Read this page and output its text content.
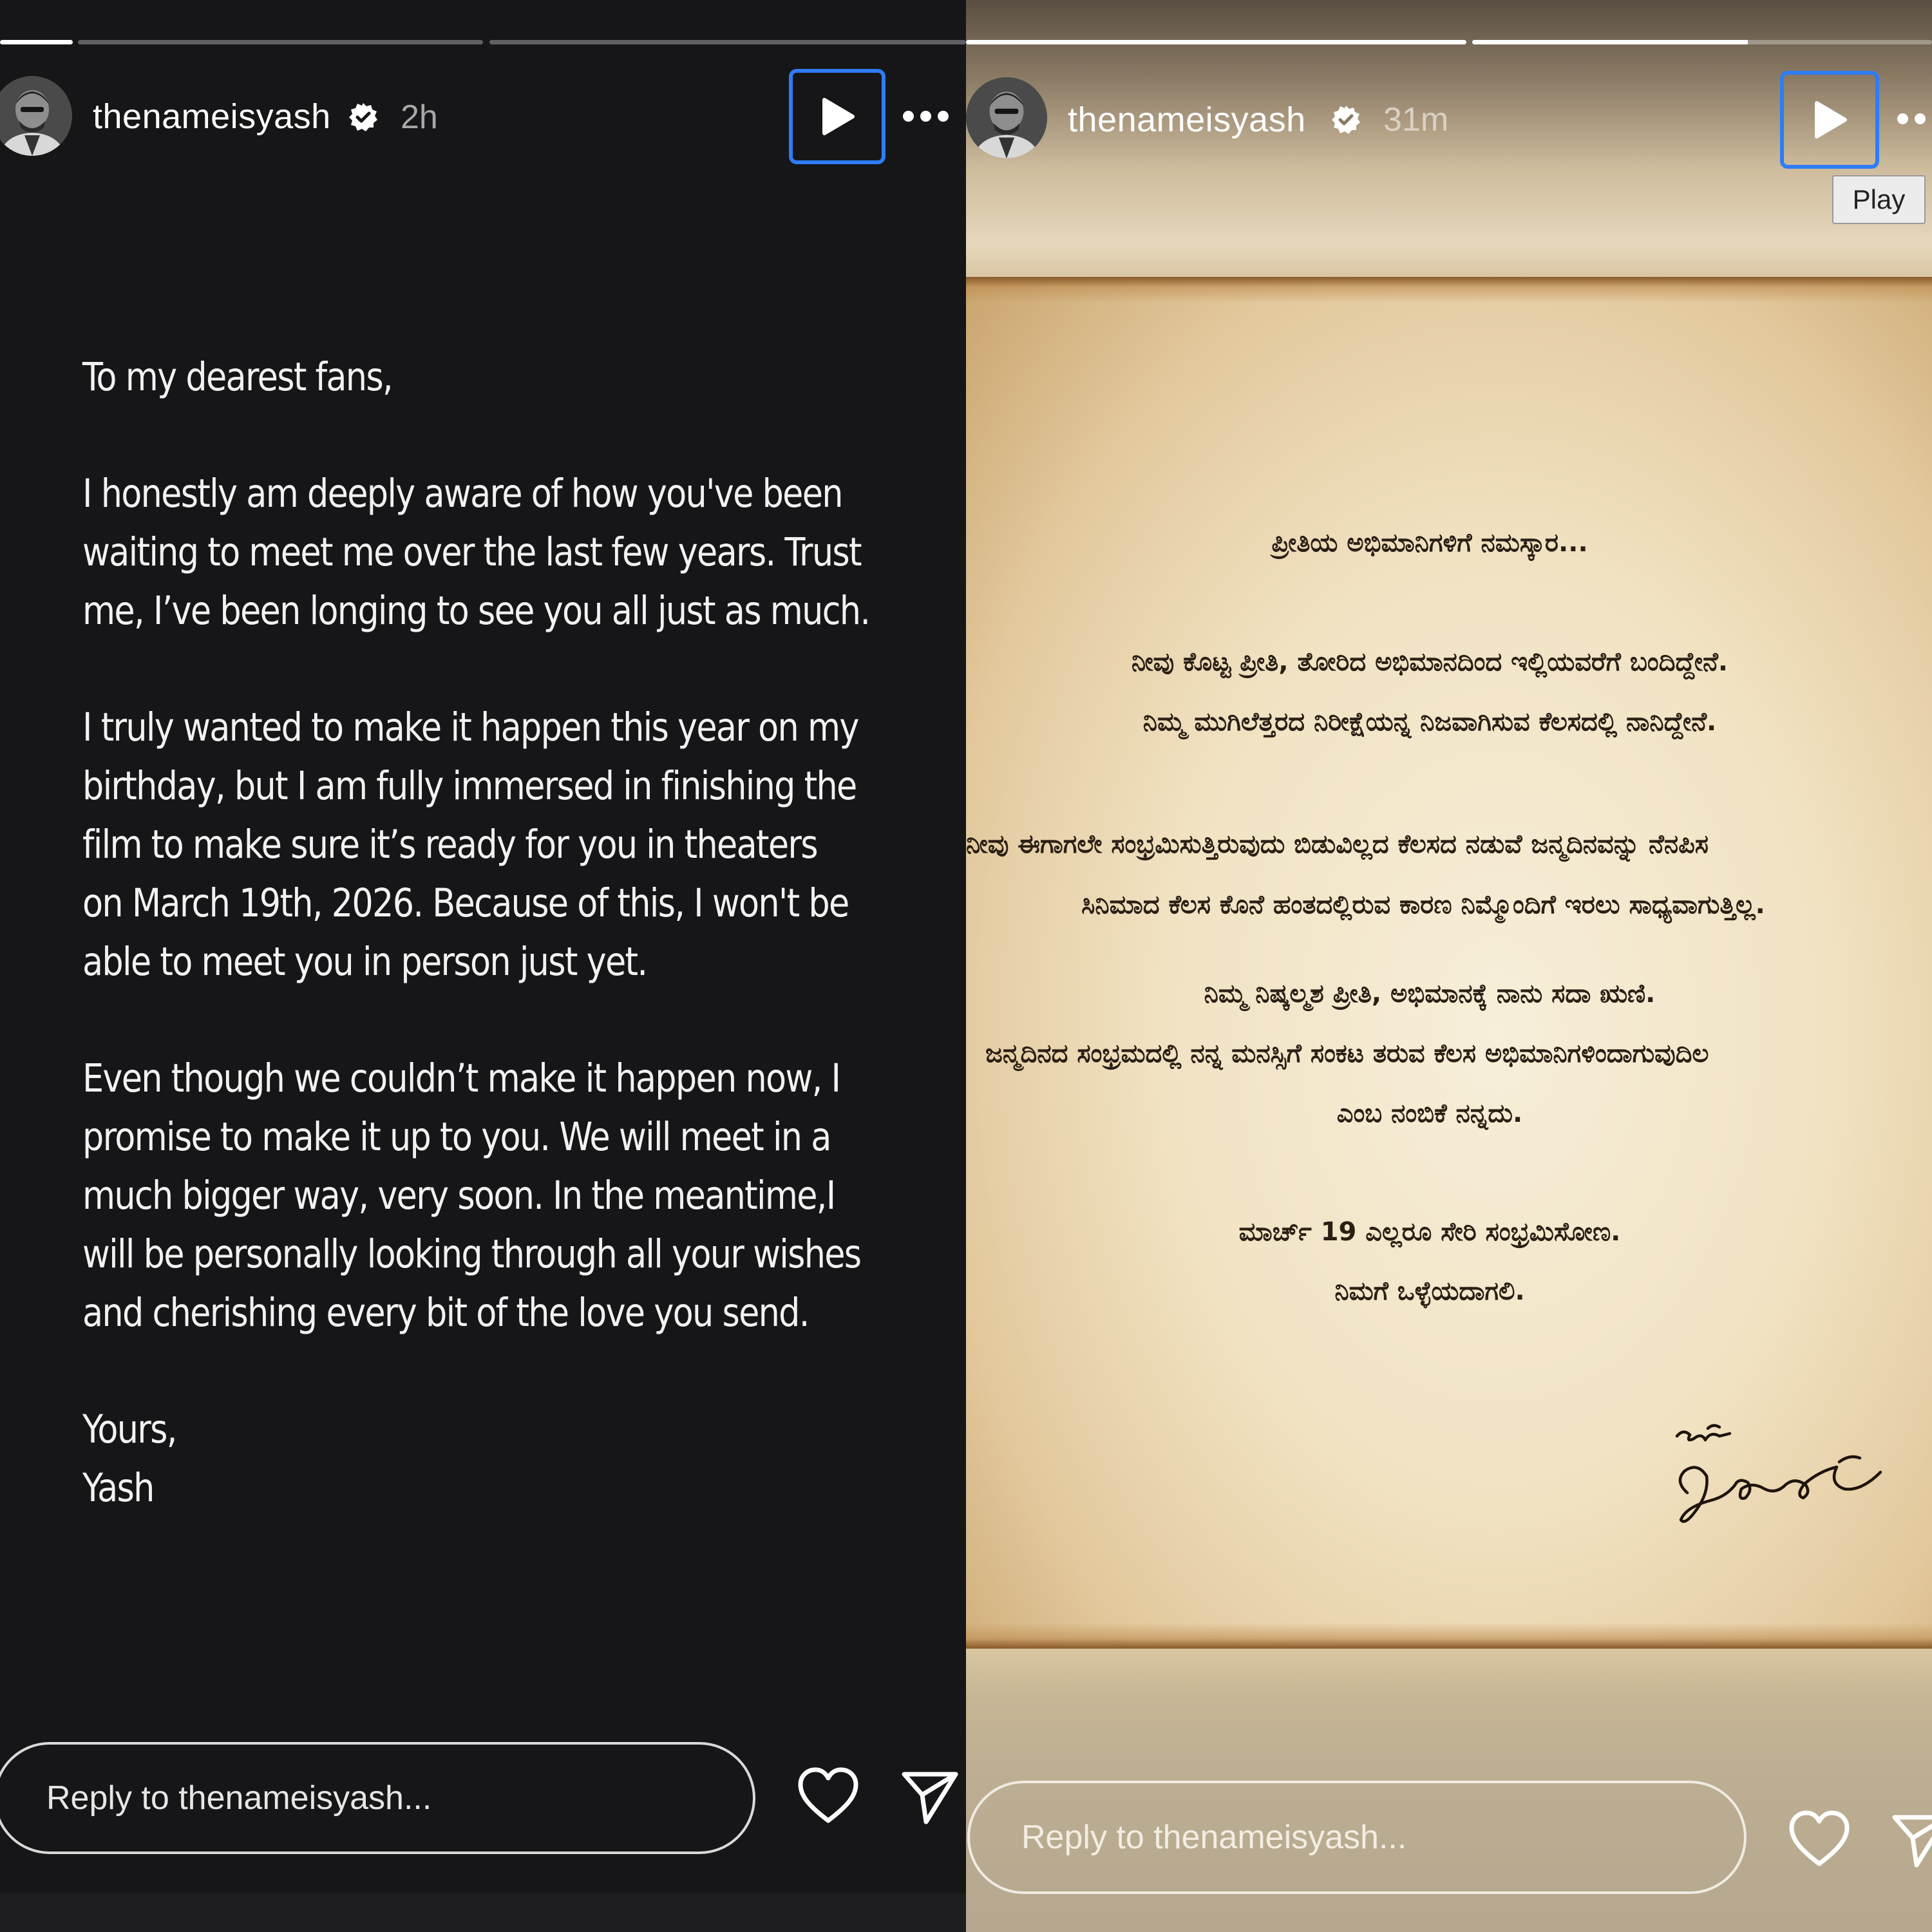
thenameisyash 2h

To my dearest fans,

I honestly am deeply aware of how you've been
waiting to meet me over the last few years. Trust
me, I’ve been longing to see you all just as much.

I truly wanted to make it happen this year on my
birthday, but I am fully immersed in finishing the
film to make sure it’s ready for you in theaters
on March 19th, 2026. Because of this, I won't be
able to meet you in person just yet.

Even though we couldn’t make it happen now, I
promise to make it up to you. We will meet in a
much bigger way, very soon. In the meantime,I
will be personally looking through all your wishes
and cherishing every bit of the love you send.

Yours,
Yash

Reply to thenameisyash...
thenameisyash 31m
ಪ್ರೀತಿಯ ಅಭಿಮಾನಿಗಳಿಗೆ ನಮಸ್ಕಾರ...
ನೀವು ಕೊಟ್ಟ ಪ್ರೀತಿ, ತೋರಿದ ಅಭಿಮಾನದಿಂದ ಇಲ್ಲಿಯವರೆಗೆ ಬಂದಿದ್ದೇನೆ.
ನಿಮ್ಮ ಮುಗಿಲೆತ್ತರದ ನಿರೀಕ್ಷೆಯನ್ನ ನಿಜವಾಗಿಸುವ ಕೆಲಸದಲ್ಲಿ ನಾನಿದ್ದೇನೆ.
ನೀವು ಈಗಾಗಲೇ ಸಂಭ್ರಮಿಸುತ್ತಿರುವುದು ಬಿಡುವಿಲ್ಲದ ಕೆಲಸದ ನಡುವೆ ಜನ್ಮದಿನವನ್ನು ನೆನಪಿಸ
ಸಿನಿಮಾದ ಕೆಲಸ ಕೊನೆ ಹಂತದಲ್ಲಿರುವ ಕಾರಣ ನಿಮ್ಮೊಂದಿಗೆ ಇರಲು ಸಾಧ್ಯವಾಗುತ್ತಿಲ್ಲ.
ನಿಮ್ಮ ನಿಷ್ಕಲ್ಮಶ ಪ್ರೀತಿ, ಅಭಿಮಾನಕ್ಕೆ ನಾನು ಸದಾ ಋಣಿ.
ಜನ್ಮದಿನದ ಸಂಭ್ರಮದಲ್ಲಿ ನನ್ನ ಮನಸ್ಸಿಗೆ ಸಂಕಟ ತರುವ ಕೆಲಸ ಅಭಿಮಾನಿಗಳಿಂದಾಗುವುದಿಲ
ಎಂಬ ನಂಬಿಕೆ ನನ್ನದು.
ಮಾರ್ಚ್ 19 ಎಲ್ಲರೂ ಸೇರಿ ಸಂಭ್ರಮಿಸೋಣ.
ನಿಮಗೆ ಒಳ್ಳೆಯದಾಗಲಿ.
Play
Reply to thenameisyash...
